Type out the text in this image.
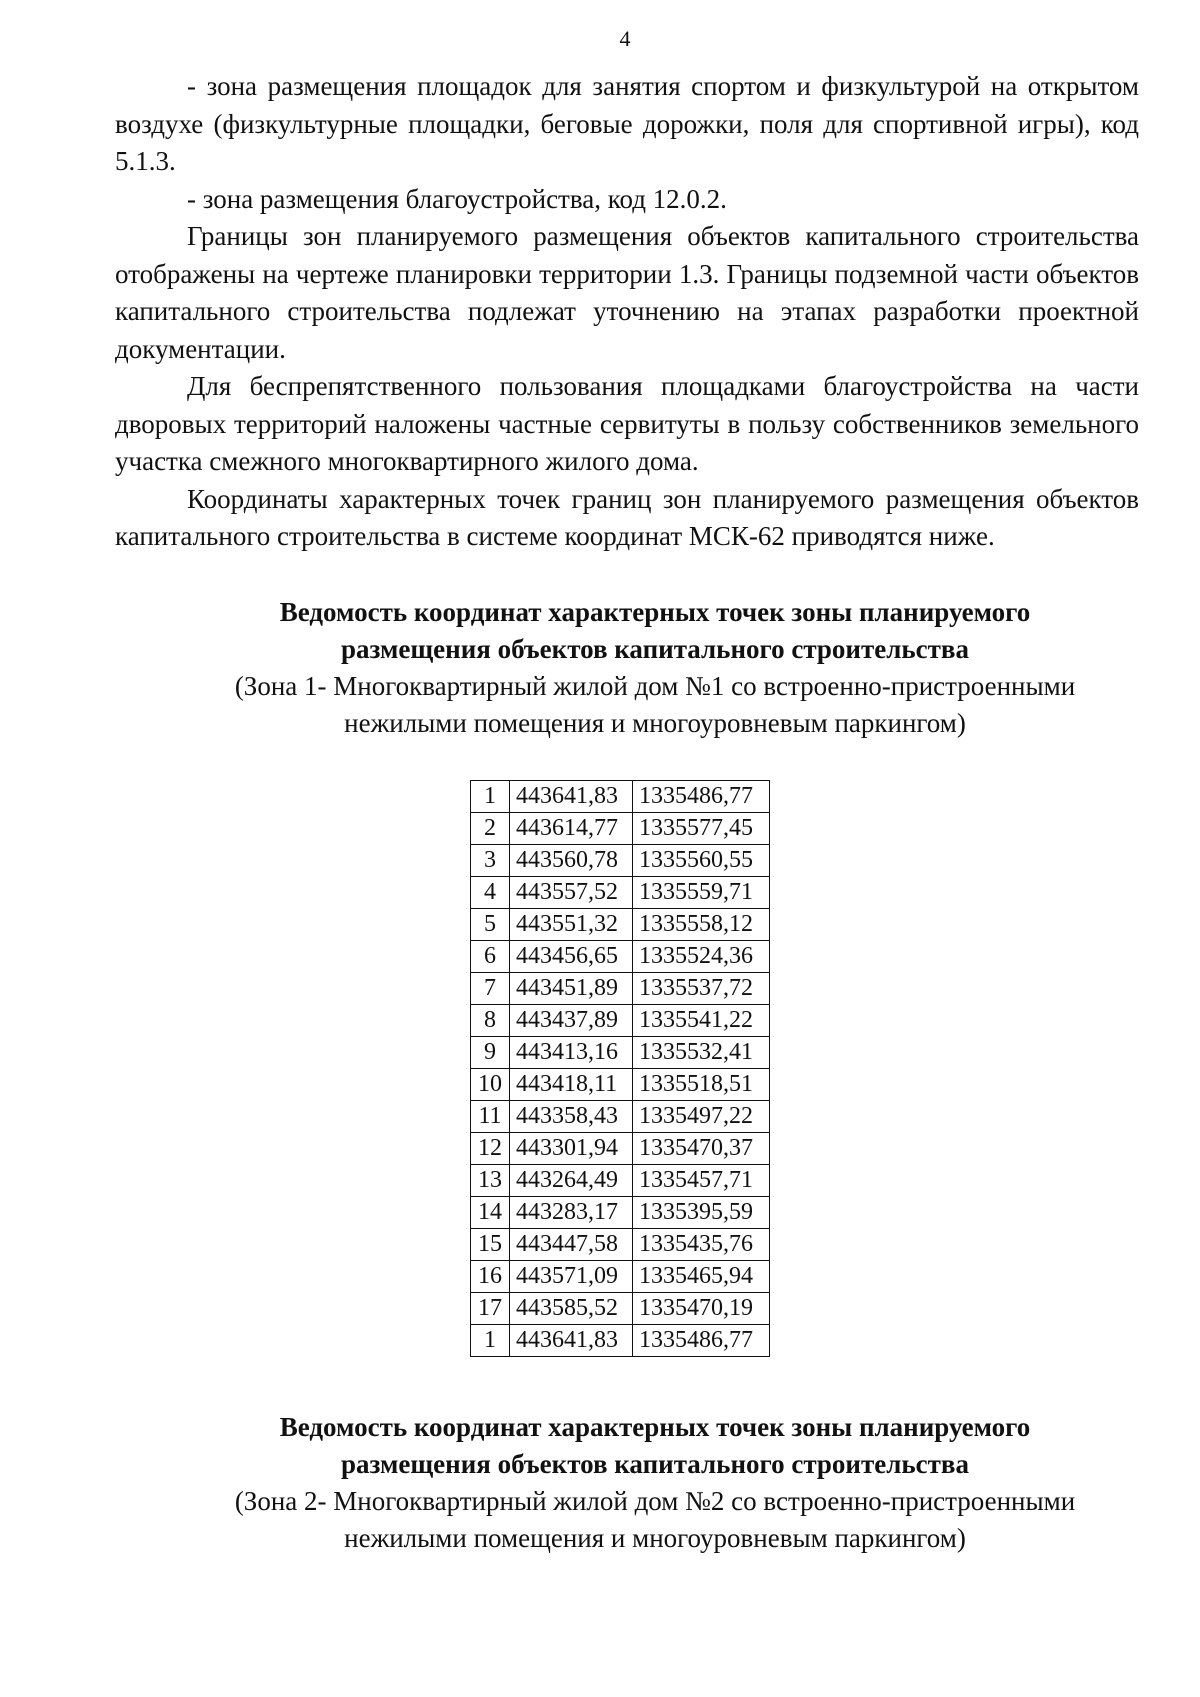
4

- зона размещения площадок для занятия спортом и физкультурой на открытом воздухе (физкультурные площадки, беговые дорожки, поля для спортивной игры), код 5.1.3.

- зона размещения благоустройства, код 12.0.2.

Границы зон планируемого размещения объектов капитального строительства отображены на чертеже планировки территории 1.3. Границы подземной части объектов капитального строительства подлежат уточнению на этапах разработки проектной документации.

Для беспрепятственного пользования площадками благоустройства на части дворовых территорий наложены частные сервитуты в пользу собственников земельного участка смежного многоквартирного жилого дома.

Координаты характерных точек границ зон планируемого размещения объектов капитального строительства в системе координат МСК-62 приводятся ниже.

Ведомость координат характерных точек зоны планируемого
размещения объектов капитального строительства
(Зона 1- Многоквартирный жилой дом №1 со встроенно-пристроенными
нежилыми помещения и многоуровневым паркингом)
1	443641,83	1335486,77
2	443614,77	1335577,45
3	443560,78	1335560,55
4	443557,52	1335559,71
5	443551,32	1335558,12
6	443456,65	1335524,36
7	443451,89	1335537,72
8	443437,89	1335541,22
9	443413,16	1335532,41
10	443418,11	1335518,51
11	443358,43	1335497,22
12	443301,94	1335470,37
13	443264,49	1335457,71
14	443283,17	1335395,59
15	443447,58	1335435,76
16	443571,09	1335465,94
17	443585,52	1335470,19
1	443641,83	1335486,77
Ведомость координат характерных точек зоны планируемого
размещения объектов капитального строительства
(Зона 2- Многоквартирный жилой дом №2 со встроенно-пристроенными
нежилыми помещения и многоуровневым паркингом)
